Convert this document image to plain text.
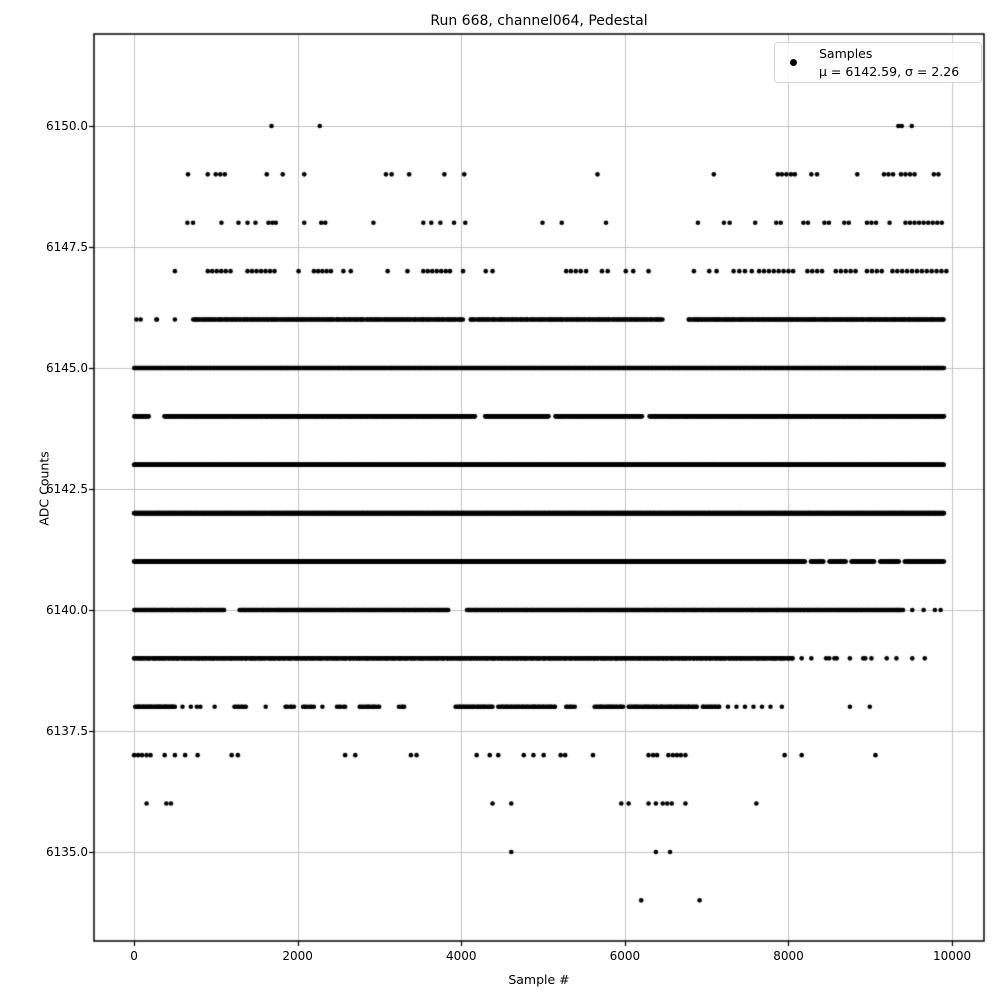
Run 668, channel064, Pedestal
Sample #
ADC Counts
0	2000	4000	6000	8000	10000
6135.0
6137.5
6140.0
6142.5
6145.0
6147.5
6150.0
Samples
μ = 6142.59, σ = 2.26
